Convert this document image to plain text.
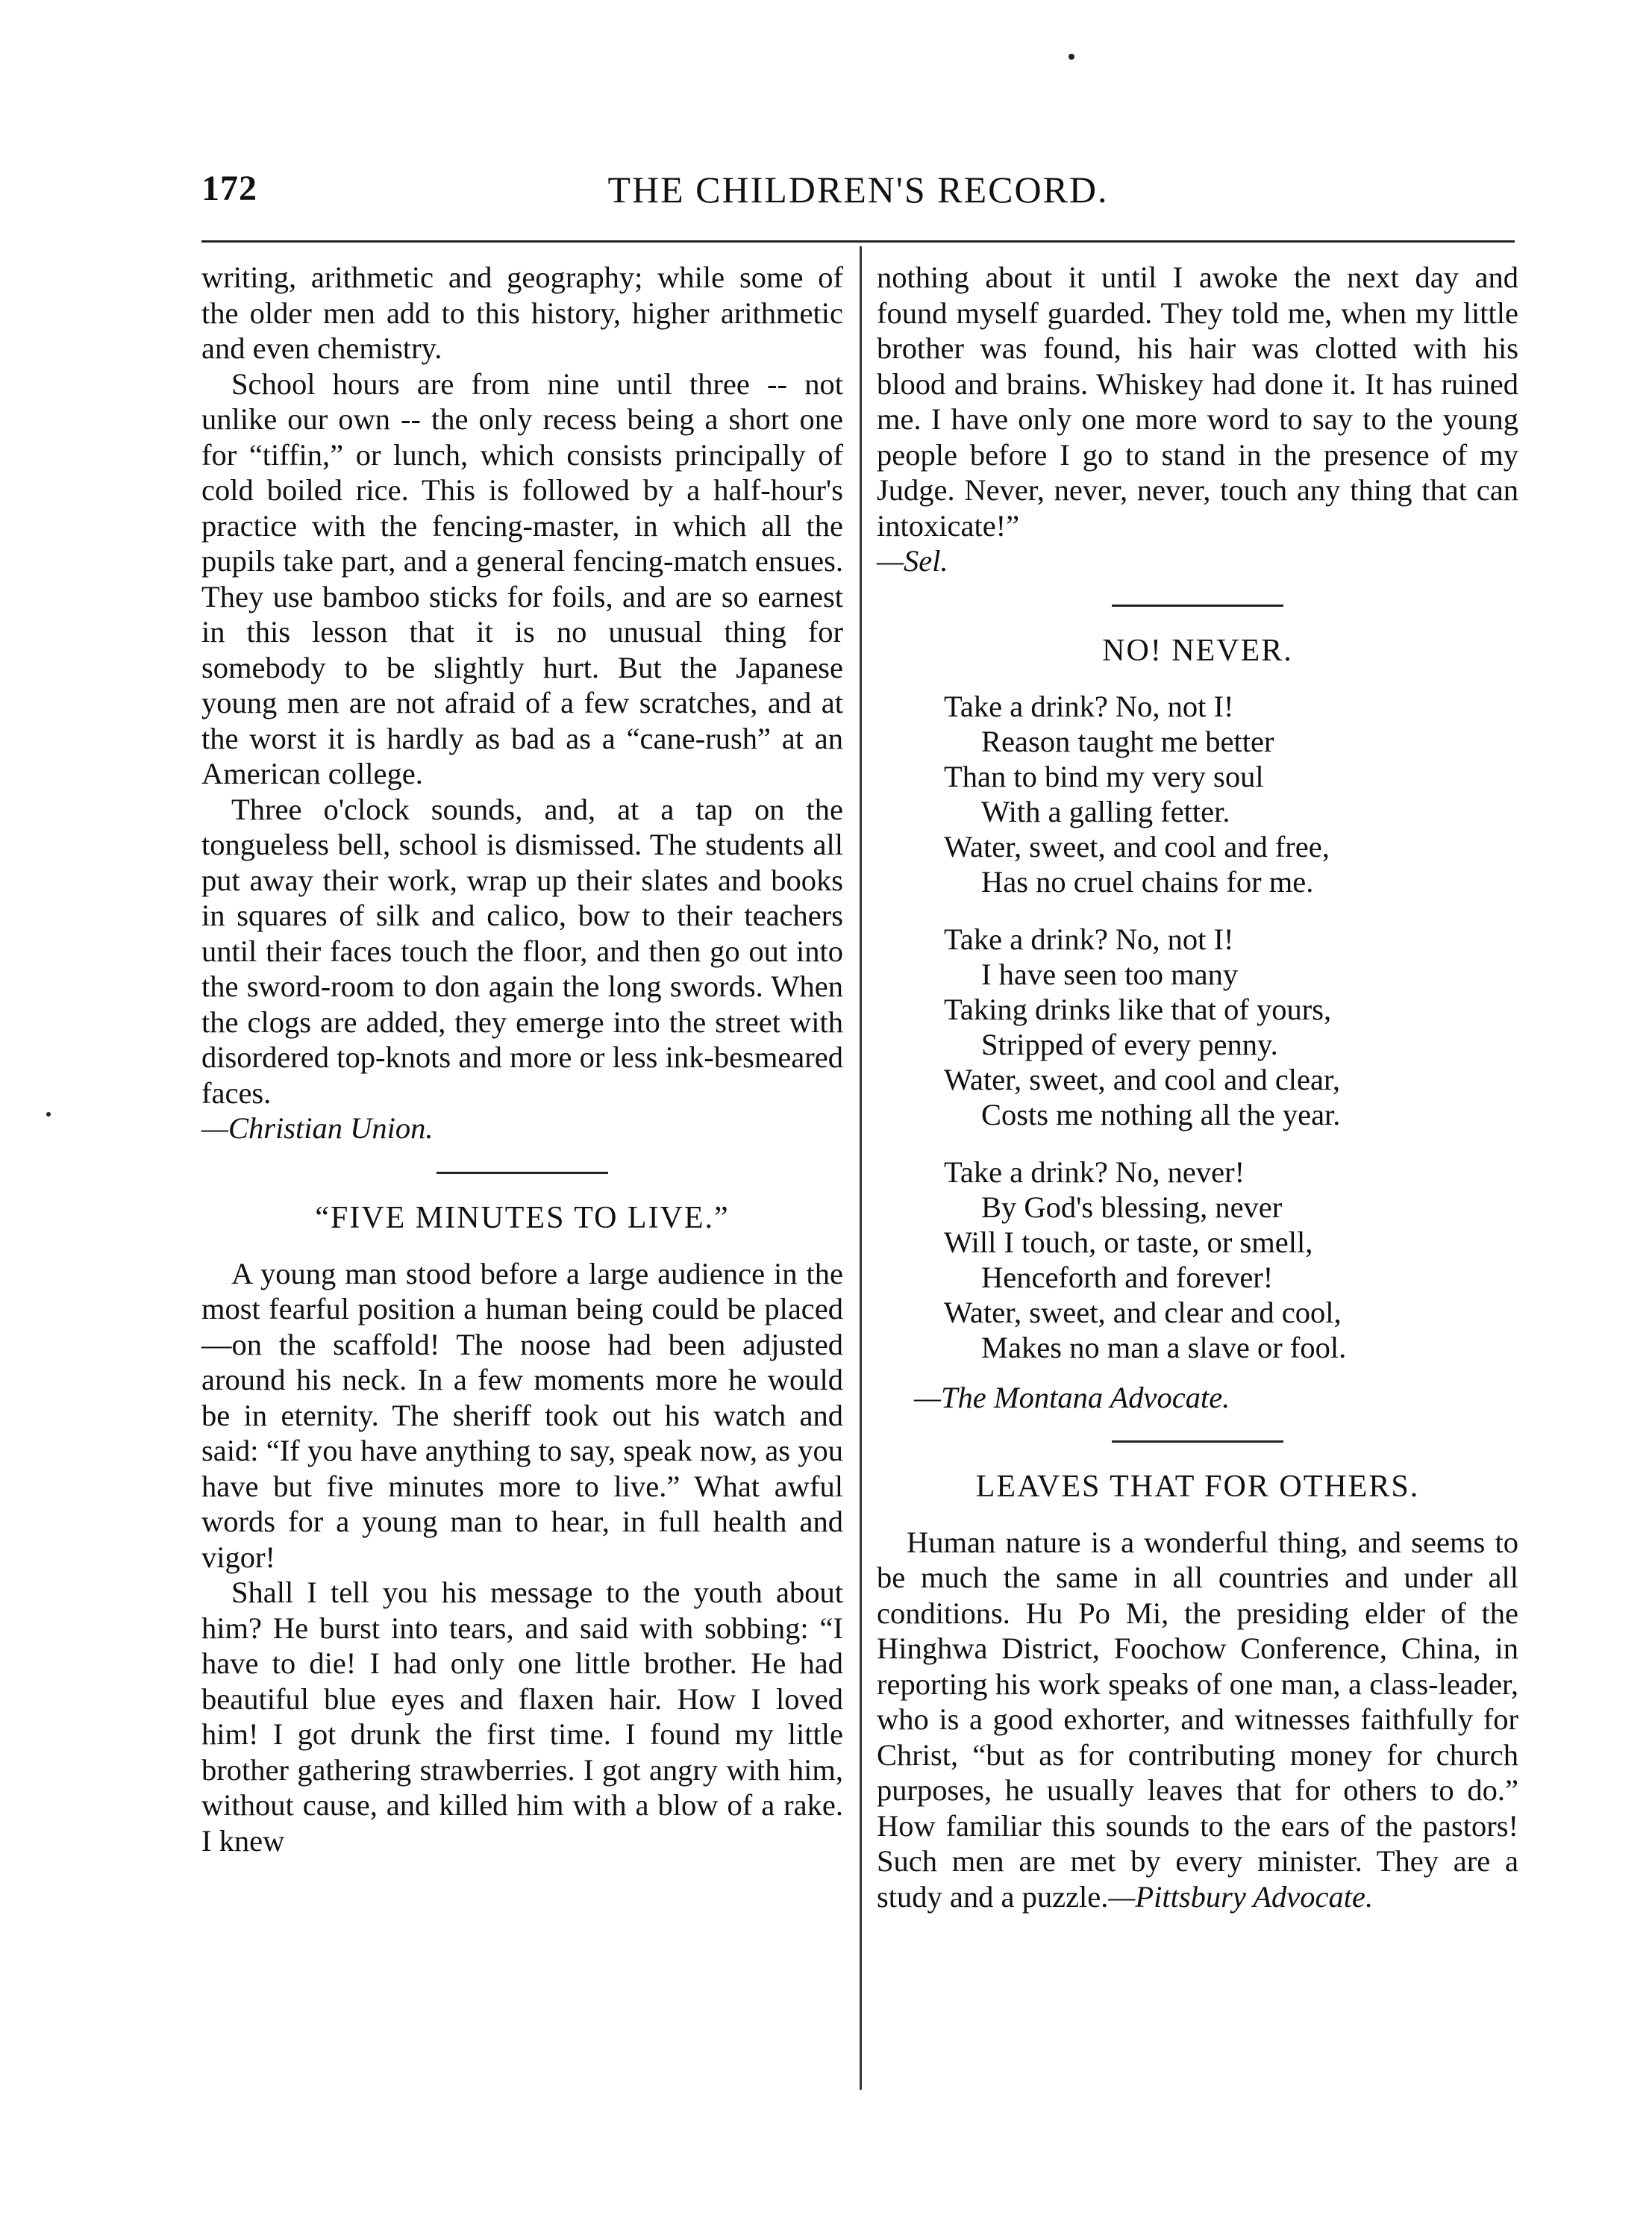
172	THE CHILDREN'S RECORD.

writing, arithmetic and geography; while some of the older men add to this history, higher arithmetic and even chemistry.

School hours are from nine until three -- not unlike our own -- the only recess being a short one for “tiffin,” or lunch, which consists principally of cold boiled rice. This is followed by a half-hour's practice with the fencing-master, in which all the pupils take part, and a general fencing-match ensues. They use bamboo sticks for foils, and are so earnest in this lesson that it is no unusual thing for somebody to be slightly hurt. But the Japanese young men are not afraid of a few scratches, and at the worst it is hardly as bad as a “cane-rush” at an American college.

Three o'clock sounds, and, at a tap on the tongueless bell, school is dismissed. The students all put away their work, wrap up their slates and books in squares of silk and calico, bow to their teachers until their faces touch the floor, and then go out into the sword-room to don again the long swords. When the clogs are added, they emerge into the street with disordered top-knots and more or less ink-besmeared faces.

—Christian Union.

“FIVE MINUTES TO LIVE.”

A young man stood before a large audience in the most fearful position a human being could be placed—on the scaffold! The noose had been adjusted around his neck. In a few moments more he would be in eternity. The sheriff took out his watch and said: “If you have anything to say, speak now, as you have but five minutes more to live.” What awful words for a young man to hear, in full health and vigor!

Shall I tell you his message to the youth about him? He burst into tears, and said with sobbing: “I have to die! I had only one little brother. He had beautiful blue eyes and flaxen hair. How I loved him! I got drunk the first time. I found my little brother gathering strawberries. I got angry with him, without cause, and killed him with a blow of a rake. I knew

nothing about it until I awoke the next day and found myself guarded. They told me, when my little brother was found, his hair was clotted with his blood and brains. Whiskey had done it. It has ruined me. I have only one more word to say to the young people before I go to stand in the presence of my Judge. Never, never, never, touch any thing that can intoxicate!”

—Sel.

NO! NEVER.
Take a drink? No, not I!
Reason taught me better
Than to bind my very soul
With a galling fetter.
Water, sweet, and cool and free,
Has no cruel chains for me.
Take a drink? No, not I!
I have seen too many
Taking drinks like that of yours,
Stripped of every penny.
Water, sweet, and cool and clear,
Costs me nothing all the year.
Take a drink? No, never!
By God's blessing, never
Will I touch, or taste, or smell,
Henceforth and forever!
Water, sweet, and clear and cool,
Makes no man a slave or fool.
—The Montana Advocate.
LEAVES THAT FOR OTHERS.

Human nature is a wonderful thing, and seems to be much the same in all countries and under all conditions. Hu Po Mi, the presiding elder of the Hinghwa District, Foochow Conference, China, in reporting his work speaks of one man, a class-leader, who is a good exhorter, and witnesses faithfully for Christ, “but as for contributing money for church purposes, he usually leaves that for others to do.” How familiar this sounds to the ears of the pastors! Such men are met by every minister. They are a study and a puzzle.—Pittsbury Advocate.
